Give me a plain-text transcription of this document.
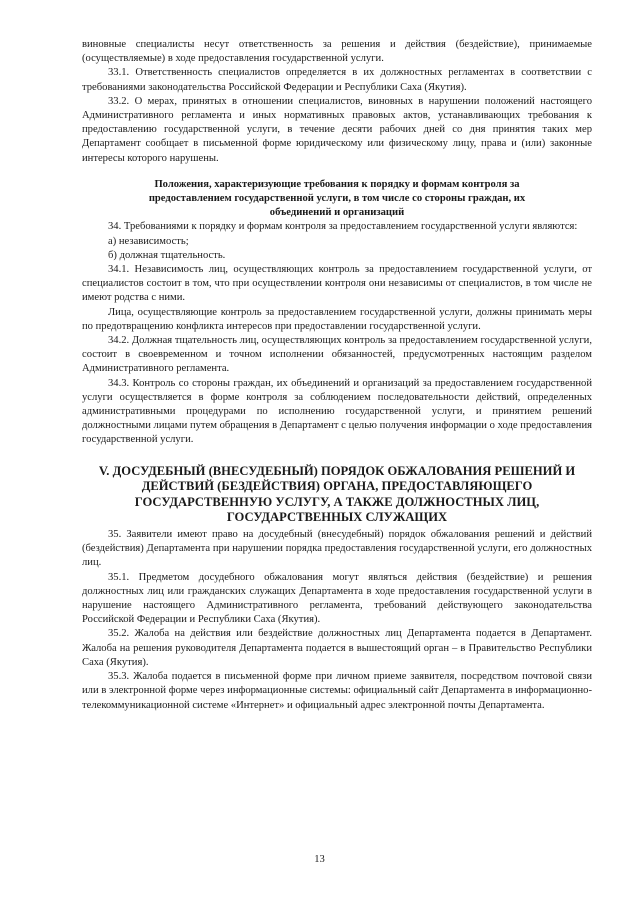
виновные специалисты несут ответственность за решения и действия (бездействие), принимаемые (осуществляемые) в ходе предоставления государственной услуги.

33.1. Ответственность специалистов определяется в их должностных регламентах в соответствии с требованиями законодательства Российской Федерации и Республики Саха (Якутия).

33.2. О мерах, принятых в отношении специалистов, виновных в нарушении положений настоящего Административного регламента и иных нормативных правовых актов, устанавливающих требования к предоставлению государственной услуги, в течение десяти рабочих дней со дня принятия таких мер Департамент сообщает в письменной форме юридическому или физическому лицу, права и (или) законные интересы которого нарушены.

Положения, характеризующие требования к порядку и формам контроля за предоставлением государственной услуги, в том числе со стороны граждан, их объединений и организаций

34. Требованиями к порядку и формам контроля за предоставлением государственной услуги являются:

а) независимость;

б) должная тщательность.

34.1. Независимость лиц, осуществляющих контроль за предоставлением государственной услуги, от специалистов состоит в том, что при осуществлении контроля они независимы от специалистов, в том числе не имеют родства с ними.

Лица, осуществляющие контроль за предоставлением государственной услуги, должны принимать меры по предотвращению конфликта интересов при предоставлении государственной услуги.

34.2. Должная тщательность лиц, осуществляющих контроль за предоставлением государственной услуги, состоит в своевременном и точном исполнении обязанностей, предусмотренных настоящим разделом Административного регламента.

34.3. Контроль со стороны граждан, их объединений и организаций за предоставлением государственной услуги осуществляется в форме контроля за соблюдением последовательности действий, определенных административными процедурами по исполнению государственной услуги, и принятием решений должностными лицами путем обращения в Департамент с целью получения информации о ходе предоставления государственной услуги.

V. ДОСУДЕБНЫЙ (ВНЕСУДЕБНЫЙ) ПОРЯДОК ОБЖАЛОВАНИЯ РЕШЕНИЙ И ДЕЙСТВИЙ (БЕЗДЕЙСТВИЯ) ОРГАНА, ПРЕДОСТАВЛЯЮЩЕГО ГОСУДАРСТВЕННУЮ УСЛУГУ, А ТАКЖЕ ДОЛЖНОСТНЫХ ЛИЦ, ГОСУДАРСТВЕННЫХ СЛУЖАЩИХ

35. Заявители имеют право на досудебный (внесудебный) порядок обжалования решений и действий (бездействия) Департамента при нарушении порядка предоставления государственной услуги, его должностных лиц.

35.1. Предметом досудебного обжалования могут являться действия (бездействие) и решения должностных лиц или гражданских служащих Департамента в ходе предоставления государственной услуги в нарушение настоящего Административного регламента, требований действующего законодательства Российской Федерации и Республики Саха (Якутия).

35.2. Жалоба на действия или бездействие должностных лиц Департамента подается в Департамент. Жалоба на решения руководителя Департамента подается в вышестоящий орган – в Правительство Республики Саха (Якутия).

35.3. Жалоба подается в письменной форме при личном приеме заявителя, посредством почтовой связи или в электронной форме через информационные системы: официальный сайт Департамента в информационно-телекоммуникационной системе «Интернет» и официальный адрес электронной почты Департамента.

13
